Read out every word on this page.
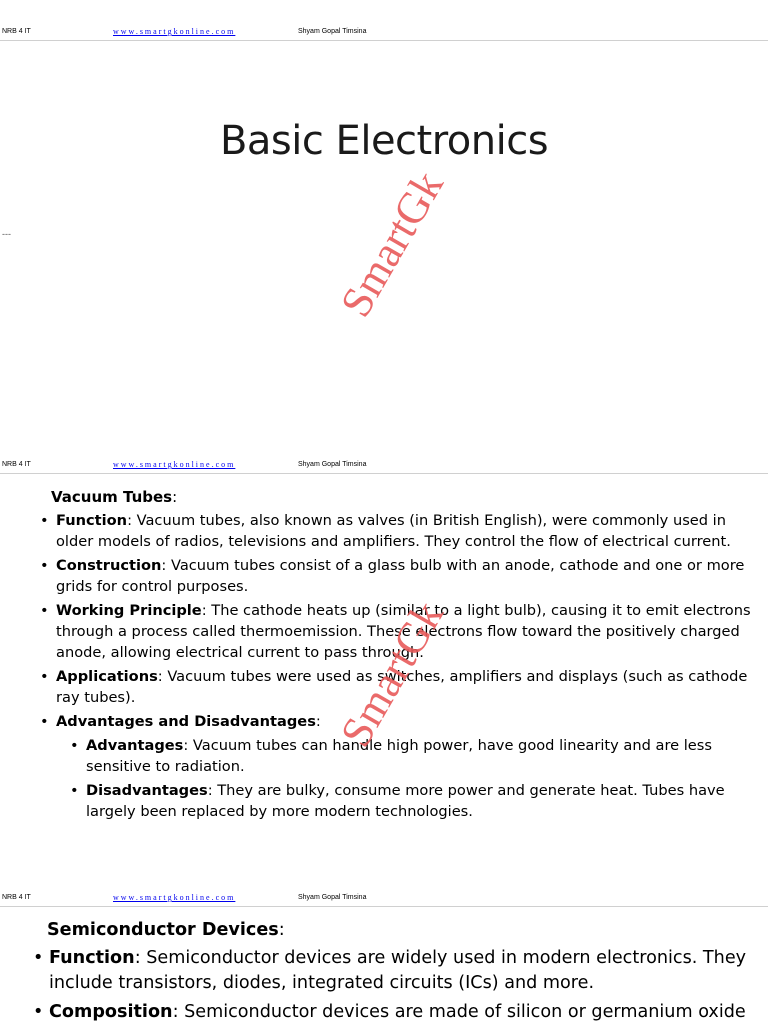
NRB 4 IT	www.smartgkonline.com	Shyam Gopal Timsina
Basic Electronics
---	SmartGk
NRB 4 IT	www.smartgkonline.com	Shyam Gopal Timsina
Vacuum Tubes:
• Function: Vacuum tubes, also known as valves (in British English), were commonly used in older models of radios, televisions and amplifiers. They control the flow of electrical current.
• Construction: Vacuum tubes consist of a glass bulb with an anode, cathode and one or more grids for control purposes.
• Working Principle: The cathode heats up (similar to a light bulb), causing it to emit electrons through a process called thermoemission. These electrons flow toward the positively charged anode, allowing electrical current to pass through.
• Applications: Vacuum tubes were used as switches, amplifiers and displays (such as cathode ray tubes).
• Advantages and Disadvantages:
• Advantages: Vacuum tubes can handle high power, have good linearity and are less sensitive to radiation.
• Disadvantages: They are bulky, consume more power and generate heat. Tubes have largely been replaced by more modern technologies.
SmartGk
NRB 4 IT	www.smartgkonline.com	Shyam Gopal Timsina
Semiconductor Devices:
• Function: Semiconductor devices are widely used in modern electronics. They include transistors, diodes, integrated circuits (ICs) and more.
• Composition: Semiconductor devices are made of silicon or germanium oxide
